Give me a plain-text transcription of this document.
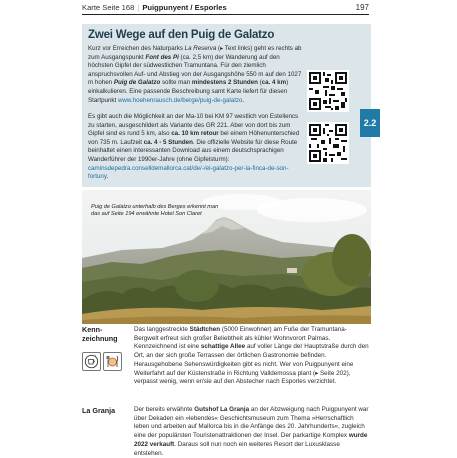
Karte Seite 168 | Puigpunyent / Esporles	197
Zwei Wege auf den Puig de Galatzo
Kurz vor Erreichen des Naturparks La Reserva (▸ Text links) geht es rechts ab zum Ausgangspunkt Font des Pi (ca. 2,5 km) der Wanderung auf den höchsten Gipfel der südwestlichen Tramuntana. Für den ziemlich anspruchsvollen Auf- und Abstieg von der Ausgangshöhe 550 m auf den 1027 m hohen Puig de Galatzo sollte man mindestens 2 Stunden (ca. 4 km) einkalkulieren. Eine passende Beschreibung samt Karte liefert für diesen Startpunkt www.hoehenrausch.de/berge/puig-de-galatzo.
Es gibt auch die Möglichkeit an der Ma-10 bei KM 97 westlich von Estellencs zu starten, ausgeschildert als Variante des GR 221. Aber von dort bis zum Gipfel sind es rund 5 km, also ca. 10 km retour bei einem Höhenunterschied von 735 m. Laufzeit ca. 4 - 5 Stunden. Die offizielle Website für diese Route beinhaltet einen interessanten Download aus einem deutschsprachigen Wanderführer der 1990er-Jahre (ohne Gipfelsturm): caminsdepedra.conselldemallorca.cat/de/-/el-galatzo-per-la-finca-de-son-fortuny.
2.2
Puig de Galatzo unterhalb des Berges erkennt man das auf Seite 194 erwähnte Hotel Son Claret
Kenn-
zeichnung
Das langgestreckte Städtchen (5000 Einwohner) am Fuße der Tramuntana-Bergwelt erfreut sich großer Beliebtheit als kühler Wohnvorort Palmas. Kennzeichnend ist eine schattige Allee auf voller Länge der Hauptstraße durch den Ort, an der sich große Terrassen der örtlichen Gastronomie befinden. Herausgehobene Sehenswürdigkeiten gibt es nicht. Wer von Puigpunyent eine Weiterfahrt auf der Küstenstraße in Richtung Valldemossa plant (▸ Seite 202), verpasst wenig, wenn er/sie auf den Abstecher nach Esporles verzichtet.
La Granja	Der bereits erwähnte Gutshof La Granja an der Abzweigung nach Puigpunyent war über Dekaden ein »lebendes« Geschichtsmuseum zum Thema »Herrschaftlich leben und arbeiten auf Mallorca bis in die Anfänge des 20. Jahrhunderts«, zugleich eine der populärsten Touristenattraktionen der Insel. Der parkartige Komplex wurde 2022 verkauft. Daraus soll nun noch ein weiteres Resort der Luxusklasse entstehen.
